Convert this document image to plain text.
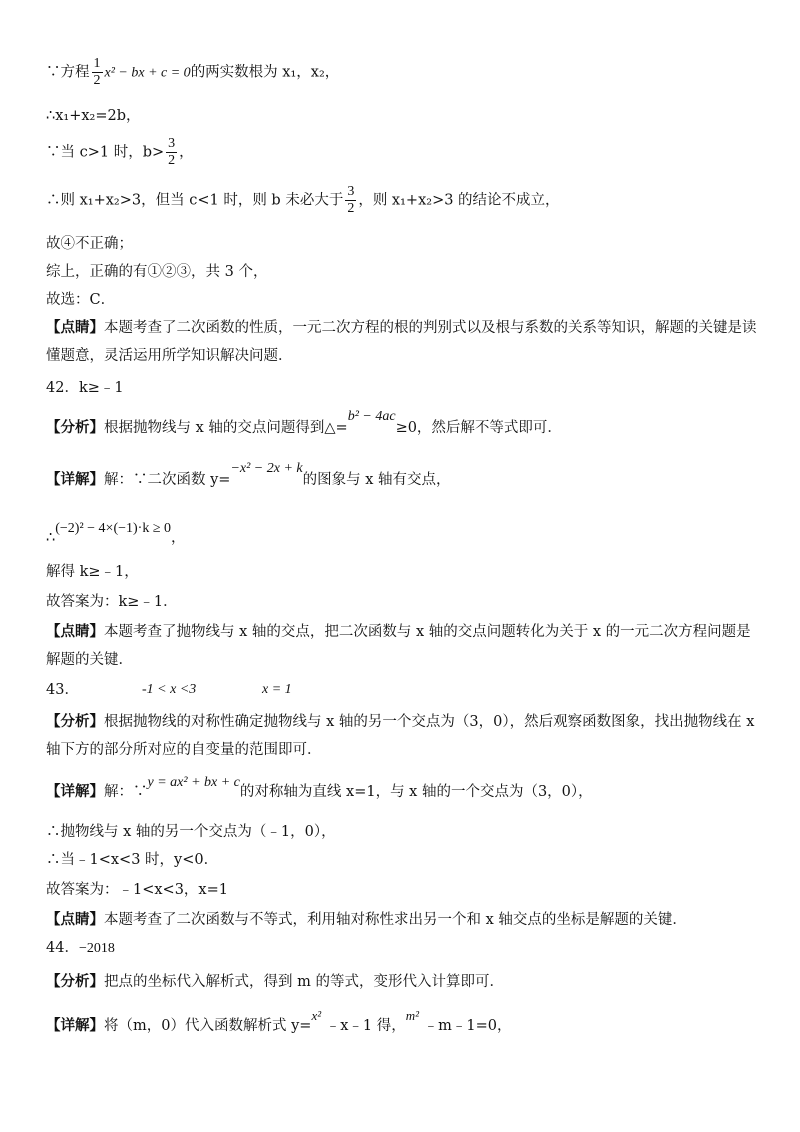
∵方程 $\frac{1}{2} x^2$ − bx + c = 0的两实数根为 x₁，x₂，
∴x₁+x₂=2b，
∵当 c>1 时，$b> \frac{3}{2}$ ，
∴则 x₁+x₂>3，但当 c<1 时，则 b 未必大于 $\frac{3}{2}$ ，则 x₁+x₂>3 的结论不成立，
故④不正确；
综上，正确的有①②③，共 3 个，
故选：C．
【点睛】本题考查了二次函数的性质，一元二次方程的根的判别式以及根与系数的关系等知识，解题的关键是读懂题意，灵活运用所学知识解决问题．
42．k≥﹣1
【分析】根据抛物线与 x 轴的交点问题得到△=b² − 4ac≥0，然后解不等式即可．
【详解】解：∵二次函数 y=−x² − 2x + k的图象与 x 轴有交点，
∴(−2)² − 4×(−1)·k ≥ 0，
解得 k≥﹣1，
故答案为：k≥﹣1．
【点睛】本题考查了抛物线与 x 轴的交点，把二次函数与 x 轴的交点问题转化为关于 x 的一元二次方程问题是解题的关键．
43．	-1 < x <3	x = 1
【分析】根据抛物线的对称性确定抛物线与 x 轴的另一个交点为（3，0），然后观察函数图象，找出抛物线在 x 轴下方的部分所对应的自变量的范围即可．
【详解】解：∵y = ax² + bx + c的对称轴为直线 x=1，与 x 轴的一个交点为（3，0），
∴抛物线与 x 轴的另一个交点为（﹣1，0），
∴当﹣1<x<3 时，y<0．
故答案为：﹣1<x<3，x=1
【点睛】本题考查了二次函数与不等式，利用轴对称性求出另一个和 x 轴交点的坐标是解题的关键．
44．−2018
【分析】把点的坐标代入解析式，得到 m 的等式，变形代入计算即可．
【详解】将（m，0）代入函数解析式 y=x² ﹣x﹣1 得，m² ﹣m﹣1=0，
